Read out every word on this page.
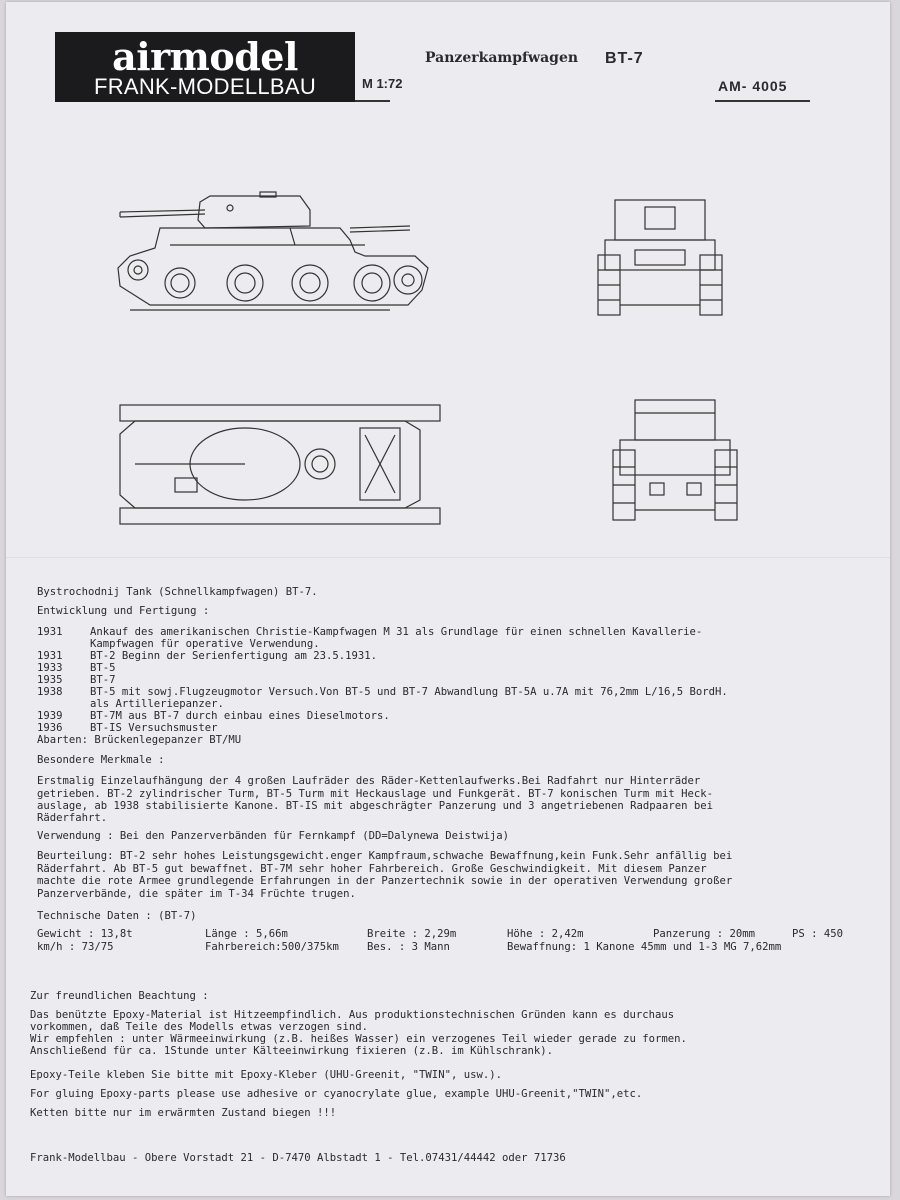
airmodel
FRANK-MODELLBAU	M 1:72
Panzerkampfwagen BT-7
AM- 4005
Bystrochodnij Tank (Schnellkampfwagen) BT-7.
Entwicklung und Fertigung :
1931	Ankauf des amerikanischen Christie-Kampfwagen M 31 als Grundlage für einen schnellen Kavallerie-
Kampfwagen für operative Verwendung.
1931	BT-2 Beginn der Serienfertigung am 23.5.1931.
1933	BT-5
1935	BT-7
1938	BT-5 mit sowj.Flugzeugmotor Versuch.Von BT-5 und BT-7 Abwandlung BT-5A u.7A mit 76,2mm L/16,5 BordH.
als Artilleriepanzer.
1939	BT-7M aus BT-7 durch einbau eines Dieselmotors.
1936	BT-IS Versuchsmuster
Abarten: Brückenlegepanzer BT/MU
Besondere Merkmale :
Erstmalig Einzelaufhängung der 4 großen Laufräder des Räder-Kettenlaufwerks.Bei Radfahrt nur Hinterräder
getrieben. BT-2 zylindrischer Turm, BT-5 Turm mit Heckauslage und Funkgerät. BT-7 konischen Turm mit Heck-
auslage, ab 1938 stabilisierte Kanone. BT-IS mit abgeschrägter Panzerung und 3 angetriebenen Radpaaren bei
Räderfahrt.
Verwendung : Bei den Panzerverbänden für Fernkampf (DD=Dalynewa Deistwija)
Beurteilung: BT-2 sehr hohes Leistungsgewicht.enger Kampfraum,schwache Bewaffnung,kein Funk.Sehr anfällig bei
Räderfahrt. Ab BT-5 gut bewaffnet. BT-7M sehr hoher Fahrbereich. Große Geschwindigkeit. Mit diesem Panzer
machte die rote Armee grundlegende Erfahrungen in der Panzertechnik sowie in der operativen Verwendung großer
Panzerverbände, die später im T-34 Früchte trugen.
Technische Daten : (BT-7)
Gewicht : 13,8t	Länge : 5,66m	Breite : 2,29m	Höhe : 2,42m	Panzerung : 20mm	PS : 450
km/h : 73/75	Fahrbereich:500/375km	Bes. : 3 Mann	Bewaffnung: 1 Kanone 45mm und 1-3 MG 7,62mm
Zur freundlichen Beachtung :
Das benützte Epoxy-Material ist Hitzeempfindlich. Aus produktionstechnischen Gründen kann es durchaus
vorkommen, daß Teile des Modells etwas verzogen sind.
Wir empfehlen : unter Wärmeeinwirkung (z.B. heißes Wasser) ein verzogenes Teil wieder gerade zu formen.
Anschließend für ca. 1Stunde unter Kälteeinwirkung fixieren (z.B. im Kühlschrank).
Epoxy-Teile kleben Sie bitte mit Epoxy-Kleber (UHU-Greenit, "TWIN", usw.).
For gluing Epoxy-parts please use adhesive or cyanocrylate glue, example UHU-Greenit,"TWIN",etc.
Ketten bitte nur im erwärmten Zustand biegen !!!
Frank-Modellbau - Obere Vorstadt 21 - D-7470 Albstadt 1 - Tel.07431/44442 oder 71736
